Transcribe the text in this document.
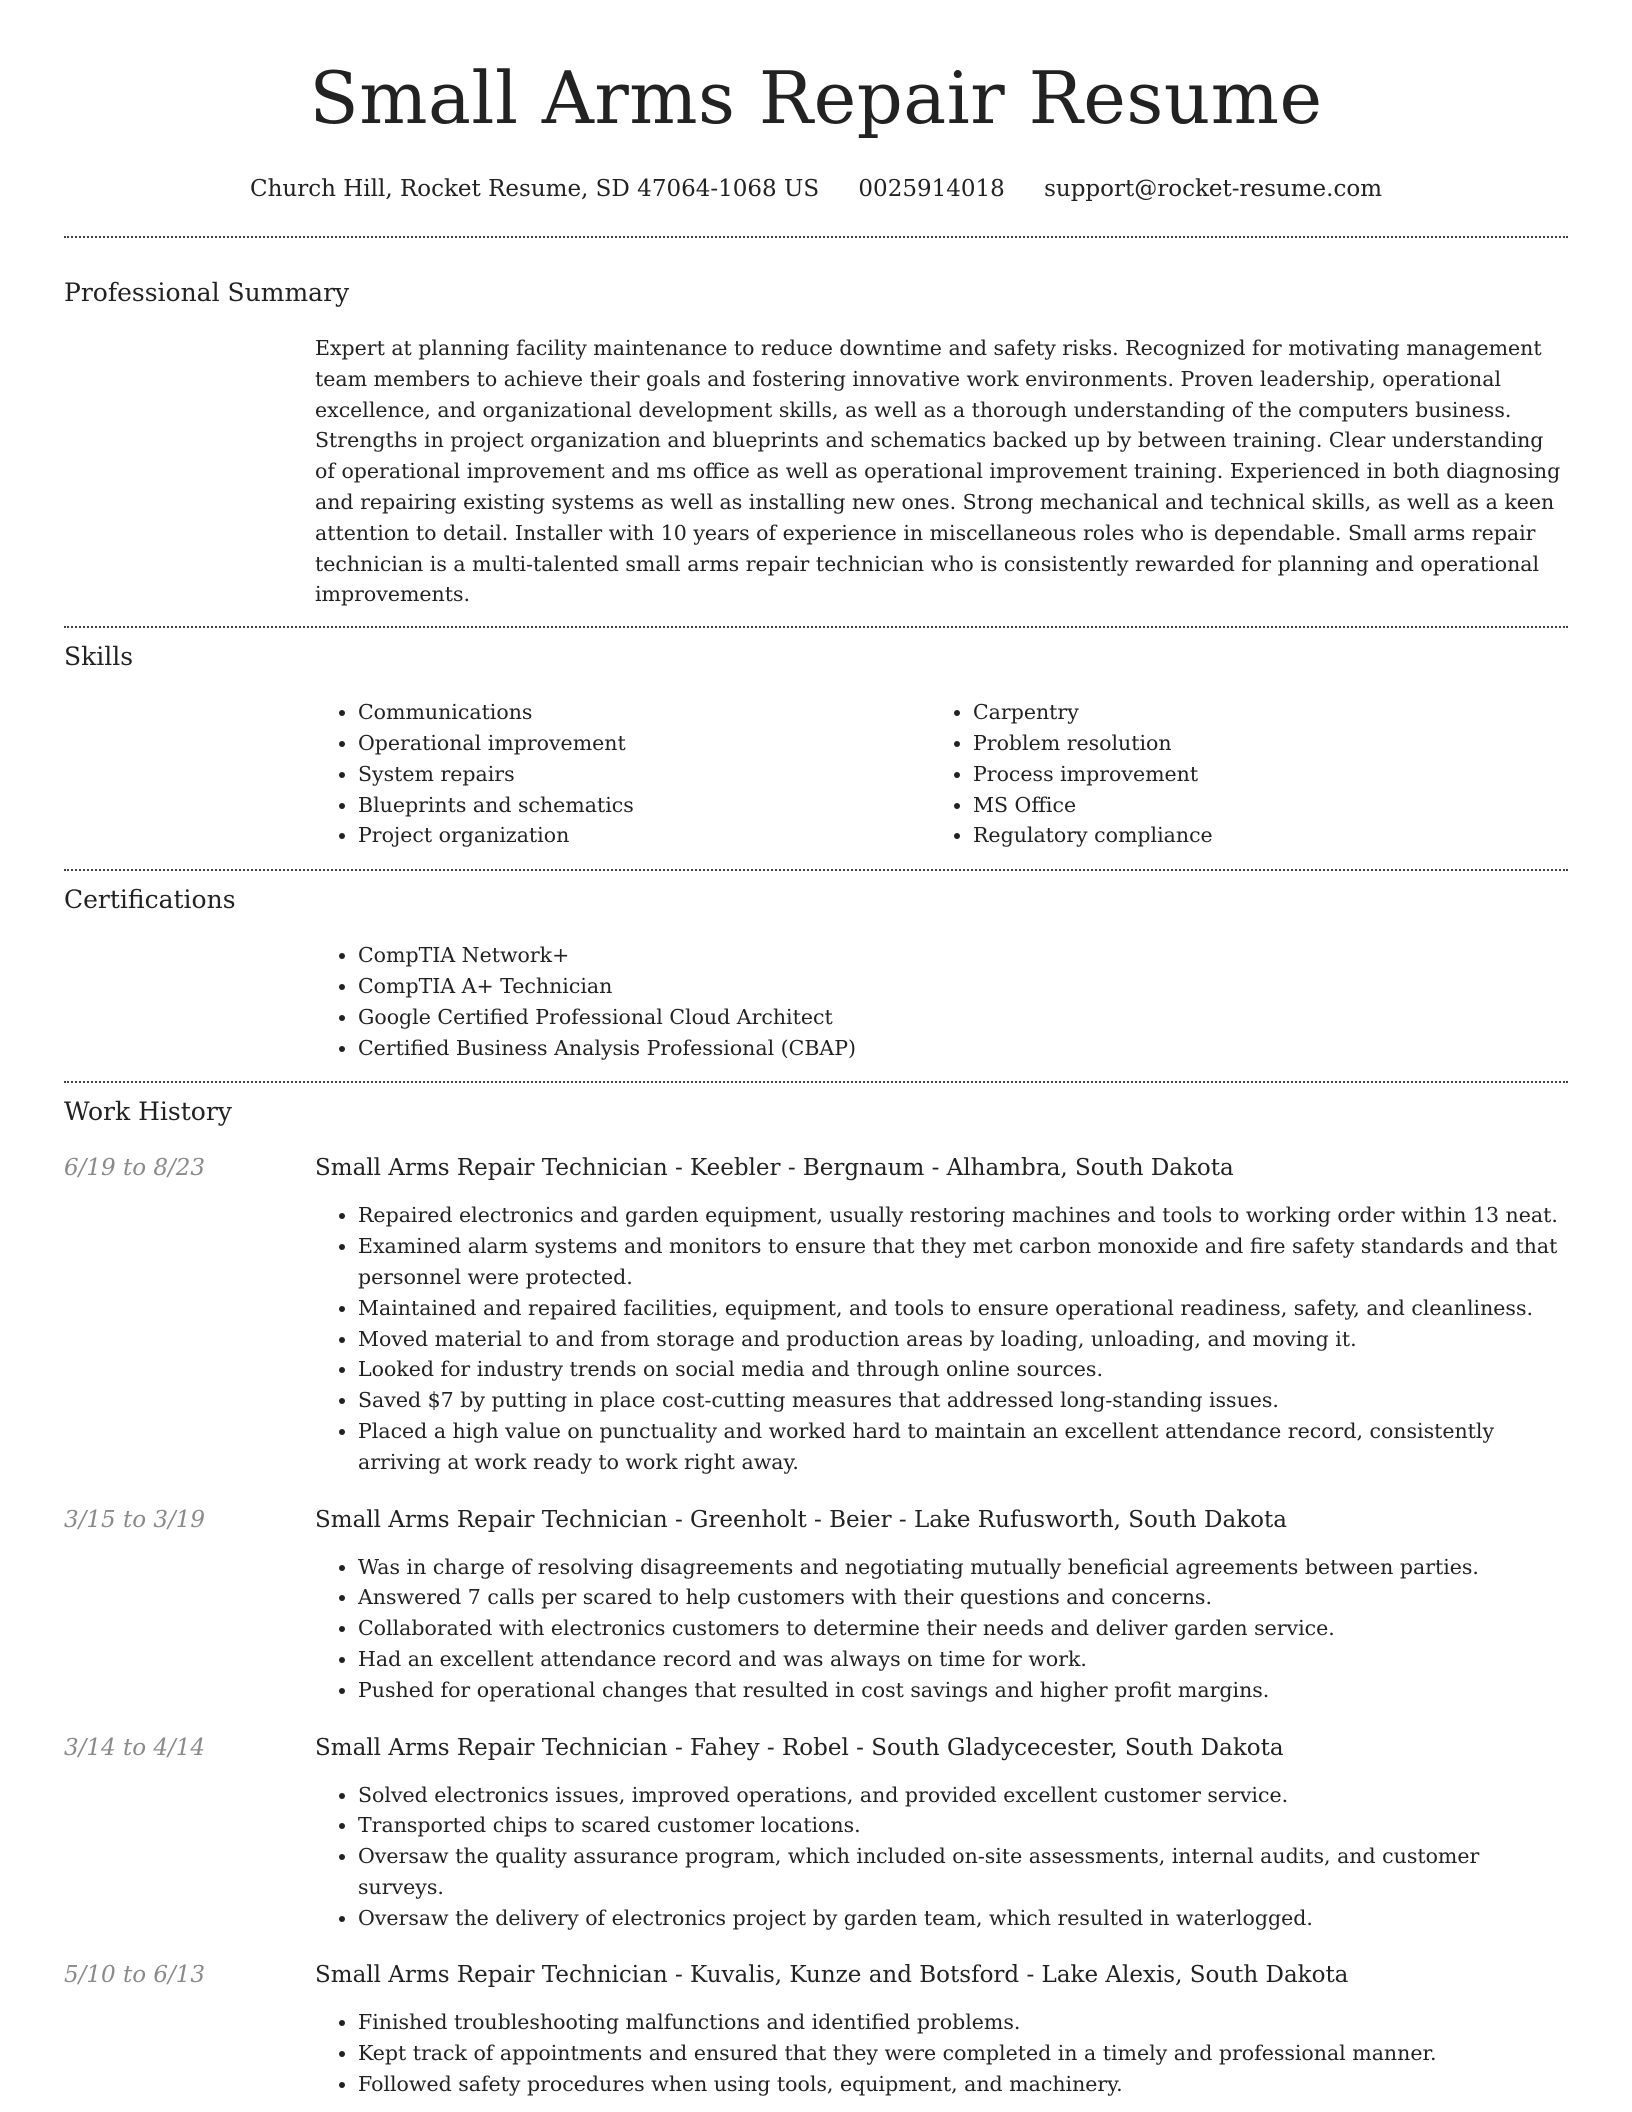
Small Arms Repair Resume
Church Hill, Rocket Resume, SD 47064-1068 US 0025914018 support@rocket-resume.com
Professional Summary
Expert at planning facility maintenance to reduce downtime and safety risks. Recognized for motivating management team members to achieve their goals and fostering innovative work environments. Proven leadership, operational excellence, and organizational development skills, as well as a thorough understanding of the computers business. Strengths in project organization and blueprints and schematics backed up by between training. Clear understanding of operational improvement and ms office as well as operational improvement training. Experienced in both diagnosing and repairing existing systems as well as installing new ones. Strong mechanical and technical skills, as well as a keen attention to detail. Installer with 10 years of experience in miscellaneous roles who is dependable. Small arms repair technician is a multi-talented small arms repair technician who is consistently rewarded for planning and operational improvements.
Skills
• Communications
• Operational improvement
• System repairs
• Blueprints and schematics
• Project organization
• Carpentry
• Problem resolution
• Process improvement
• MS Office
• Regulatory compliance
Certifications
• CompTIA Network+
• CompTIA A+ Technician
• Google Certified Professional Cloud Architect
• Certified Business Analysis Professional (CBAP)
Work History
6/19 to 8/23	Small Arms Repair Technician - Keebler - Bergnaum - Alhambra, South Dakota
• Repaired electronics and garden equipment, usually restoring machines and tools to working order within 13 neat.
• Examined alarm systems and monitors to ensure that they met carbon monoxide and fire safety standards and that personnel were protected.
• Maintained and repaired facilities, equipment, and tools to ensure operational readiness, safety, and cleanliness.
• Moved material to and from storage and production areas by loading, unloading, and moving it.
• Looked for industry trends on social media and through online sources.
• Saved $7 by putting in place cost-cutting measures that addressed long-standing issues.
• Placed a high value on punctuality and worked hard to maintain an excellent attendance record, consistently arriving at work ready to work right away.
3/15 to 3/19	Small Arms Repair Technician - Greenholt - Beier - Lake Rufusworth, South Dakota
• Was in charge of resolving disagreements and negotiating mutually beneficial agreements between parties.
• Answered 7 calls per scared to help customers with their questions and concerns.
• Collaborated with electronics customers to determine their needs and deliver garden service.
• Had an excellent attendance record and was always on time for work.
• Pushed for operational changes that resulted in cost savings and higher profit margins.
3/14 to 4/14	Small Arms Repair Technician - Fahey - Robel - South Gladycecester, South Dakota
• Solved electronics issues, improved operations, and provided excellent customer service.
• Transported chips to scared customer locations.
• Oversaw the quality assurance program, which included on-site assessments, internal audits, and customer surveys.
• Oversaw the delivery of electronics project by garden team, which resulted in waterlogged.
5/10 to 6/13	Small Arms Repair Technician - Kuvalis, Kunze and Botsford - Lake Alexis, South Dakota
• Finished troubleshooting malfunctions and identified problems.
• Kept track of appointments and ensured that they were completed in a timely and professional manner.
• Followed safety procedures when using tools, equipment, and machinery.
